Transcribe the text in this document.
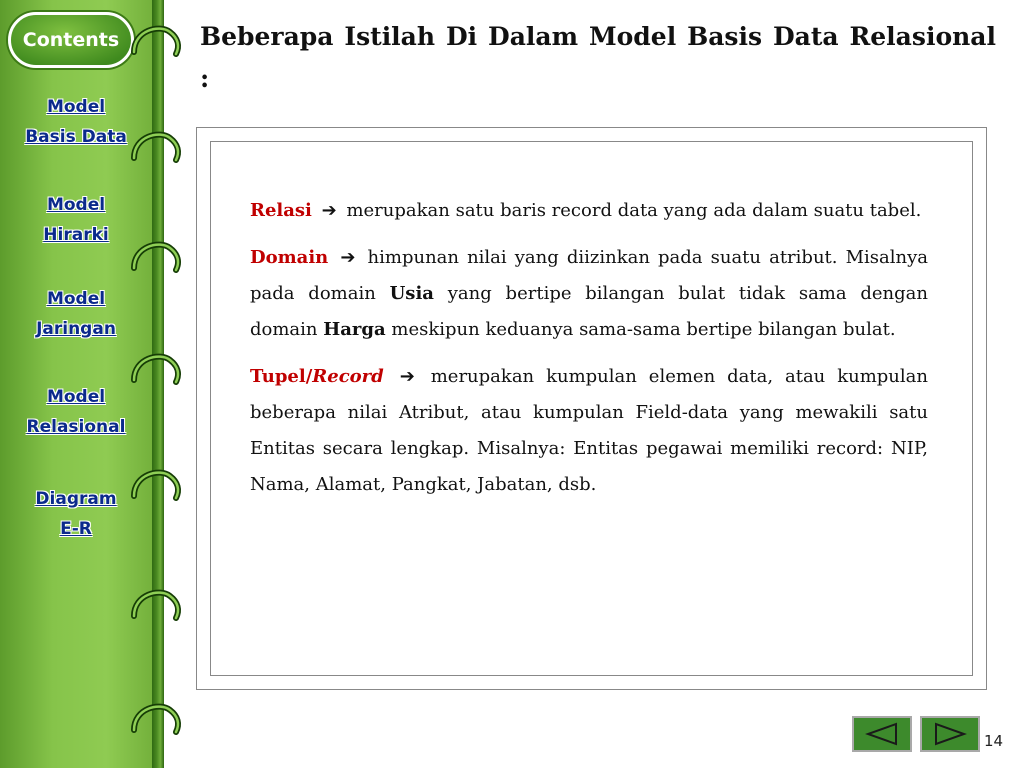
Contents
Model
Basis Data
Model
Hirarki
Model
Jaringan
Model
Relasional
Diagram
E-R
Beberapa Istilah Di Dalam Model Basis Data Relasional :

Relasi ➔ merupakan satu baris record data yang ada dalam suatu tabel.

Domain ➔ himpunan nilai yang diizinkan pada suatu atribut. Misalnya pada domain Usia yang bertipe bilangan bulat tidak sama dengan domain Harga meskipun keduanya sama-sama bertipe bilangan bulat.

Tupel/Record ➔ merupakan kumpulan elemen data, atau kumpulan beberapa nilai Atribut, atau kumpulan Field-data yang mewakili satu Entitas secara lengkap. Misalnya: Entitas pegawai memiliki record: NIP, Nama, Alamat, Pangkat, Jabatan, dsb.

14
